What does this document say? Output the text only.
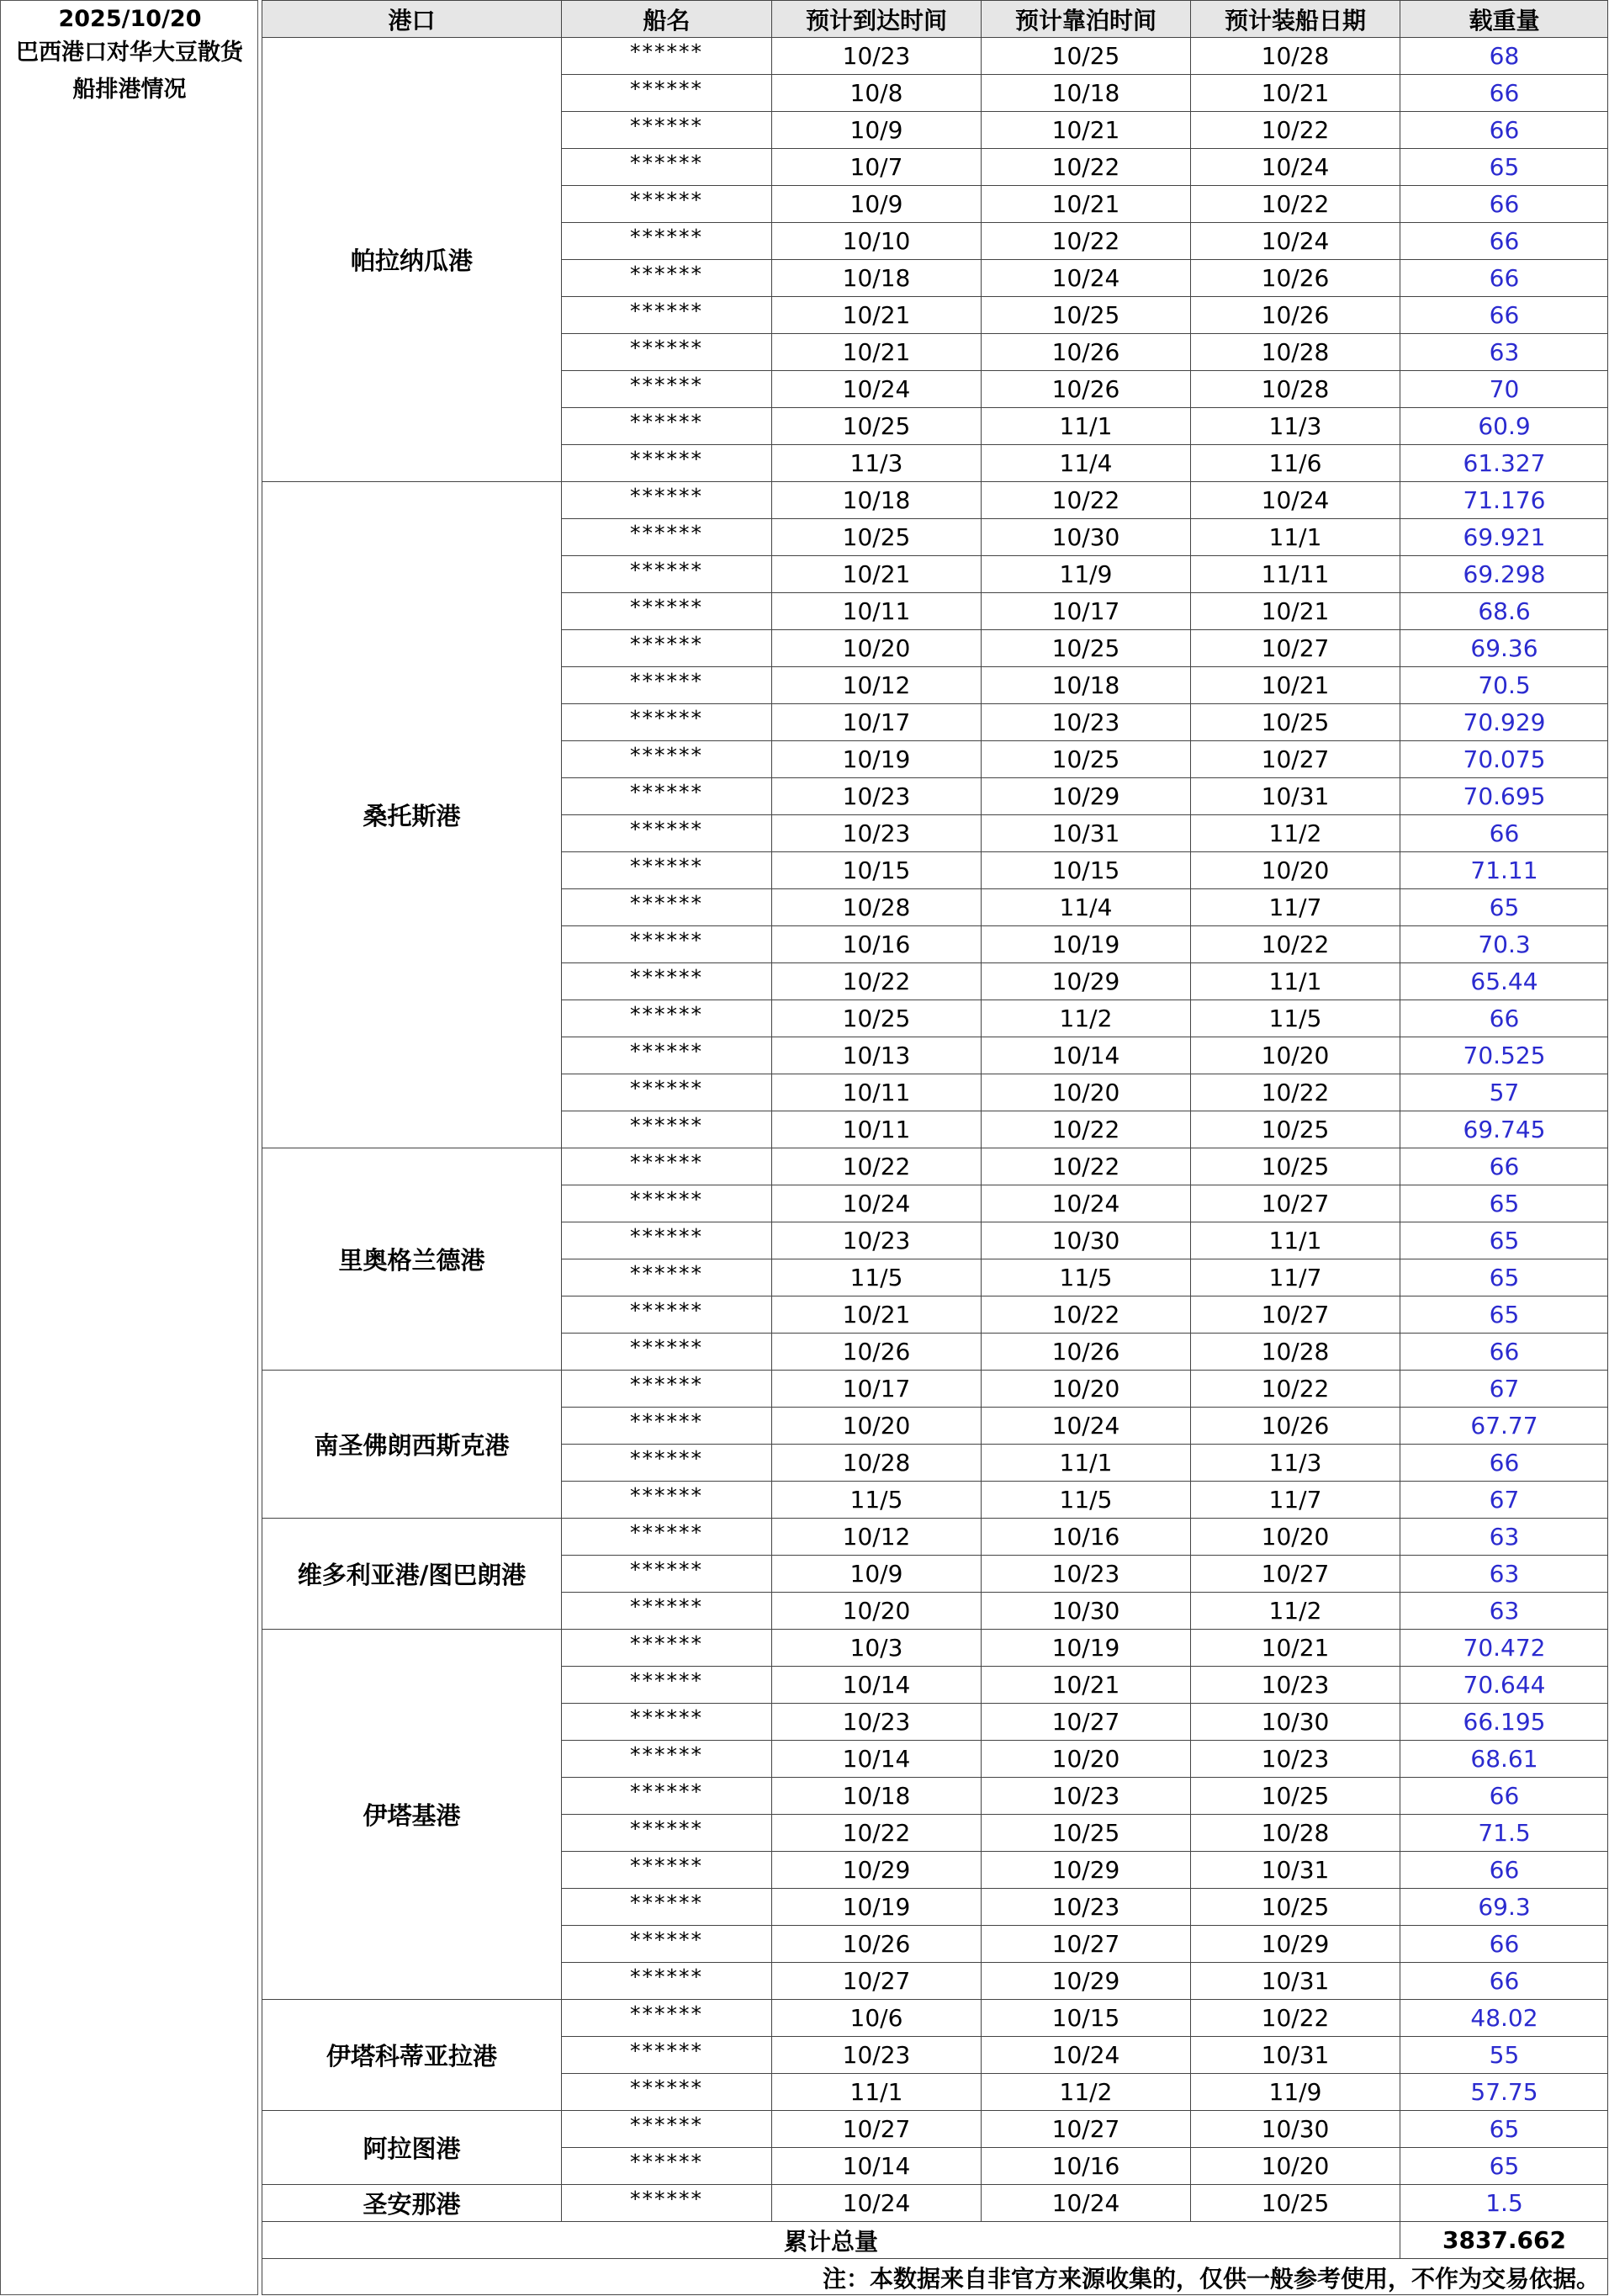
2025/10/20
巴西港口对华大豆散货船排港情况
港口	船名	预计到达时间	预计靠泊时间	预计装船日期	载重量
帕拉纳瓜港
******	10/23	10/25	10/28	68
******	10/8	10/18	10/21	66
******	10/9	10/21	10/22	66
******	10/7	10/22	10/24	65
******	10/9	10/21	10/22	66
******	10/10	10/22	10/24	66
******	10/18	10/24	10/26	66
******	10/21	10/25	10/26	66
******	10/21	10/26	10/28	63
******	10/24	10/26	10/28	70
******	10/25	11/1	11/3	60.9
******	11/3	11/4	11/6	61.327
桑托斯港
******	10/18	10/22	10/24	71.176
******	10/25	10/30	11/1	69.921
******	10/21	11/9	11/11	69.298
******	10/11	10/17	10/21	68.6
******	10/20	10/25	10/27	69.36
******	10/12	10/18	10/21	70.5
******	10/17	10/23	10/25	70.929
******	10/19	10/25	10/27	70.075
******	10/23	10/29	10/31	70.695
******	10/23	10/31	11/2	66
******	10/15	10/15	10/20	71.11
******	10/28	11/4	11/7	65
******	10/16	10/19	10/22	70.3
******	10/22	10/29	11/1	65.44
******	10/25	11/2	11/5	66
******	10/13	10/14	10/20	70.525
******	10/11	10/20	10/22	57
******	10/11	10/22	10/25	69.745
里奥格兰德港
******	10/22	10/22	10/25	66
******	10/24	10/24	10/27	65
******	10/23	10/30	11/1	65
******	11/5	11/5	11/7	65
******	10/21	10/22	10/27	65
******	10/26	10/26	10/28	66
南圣佛朗西斯克港
******	10/17	10/20	10/22	67
******	10/20	10/24	10/26	67.77
******	10/28	11/1	11/3	66
******	11/5	11/5	11/7	67
维多利亚港/图巴朗港
******	10/12	10/16	10/20	63
******	10/9	10/23	10/27	63
******	10/20	10/30	11/2	63
伊塔基港
******	10/3	10/19	10/21	70.472
******	10/14	10/21	10/23	70.644
******	10/23	10/27	10/30	66.195
******	10/14	10/20	10/23	68.61
******	10/18	10/23	10/25	66
******	10/22	10/25	10/28	71.5
******	10/29	10/29	10/31	66
******	10/19	10/23	10/25	69.3
******	10/26	10/27	10/29	66
******	10/27	10/29	10/31	66
伊塔科蒂亚拉港
******	10/6	10/15	10/22	48.02
******	10/23	10/24	10/31	55
******	11/1	11/2	11/9	57.75
阿拉图港
******	10/27	10/27	10/30	65
******	10/14	10/16	10/20	65
圣安那港	******	10/24	10/24	10/25	1.5
累计总量	3837.662
注：本数据来自非官方来源收集的，仅供一般参考使用，不作为交易依据。
